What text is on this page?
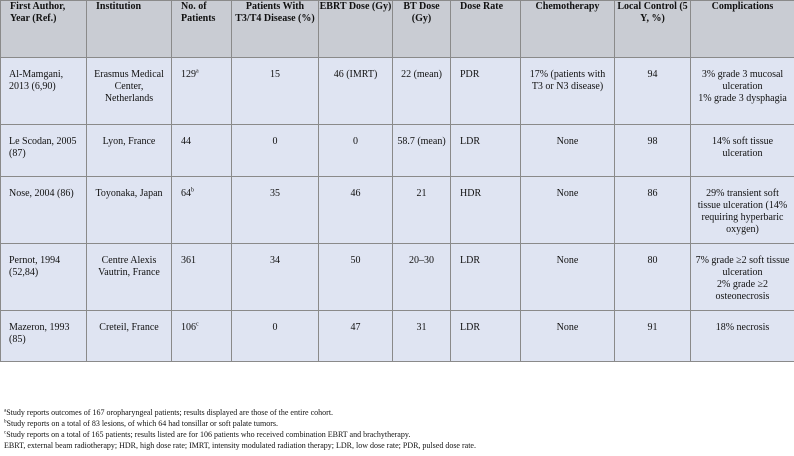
First Author, Year (Ref.)	Institution	No. of Patients	Patients With T3/T4 Disease (%)	EBRT Dose (Gy)	BT Dose (Gy)	Dose Rate	Chemotherapy	Local Control (5 Y, %)	Complications

Al-Mamgani, 2013 (6,90)	Erasmus Medical Center, Netherlands	129$^a$	15	46 (IMRT)	22 (mean)	PDR	17% (patients with T3 or N3 disease)	94	3% grade 3 mucosal ulceration
1% grade 3 dysphagia

Le Scodan, 2005 (87)	Lyon, France	44	0	0	58.7 (mean)	LDR	None	98	14% soft tissue ulceration

Nose, 2004 (86)	Toyonaka, Japan	64$^b$	35	46	21	HDR	None	86	29% transient soft tissue ulceration (14% requiring hyperbaric oxygen)

Pernot, 1994 (52,84)	Centre Alexis Vautrin, France	361	34	50	20–30	LDR	None	80	7% grade ≥2 soft tissue ulceration
2% grade ≥2 osteonecrosis

Mazeron, 1993 (85)	Creteil, France	106$^c$	0	47	31	LDR	None	91	18% necrosis
$^a$Study reports outcomes of 167 oropharyngeal patients; results displayed are those of the entire cohort.
$^b$Study reports on a total of 83 lesions, of which 64 had tonsillar or soft palate tumors.
$^c$Study reports on a total of 165 patients; results listed are for 106 patients who received combination EBRT and brachytherapy.
EBRT, external beam radiotherapy; HDR, high dose rate; IMRT, intensity modulated radiation therapy; LDR, low dose rate; PDR, pulsed dose rate.
